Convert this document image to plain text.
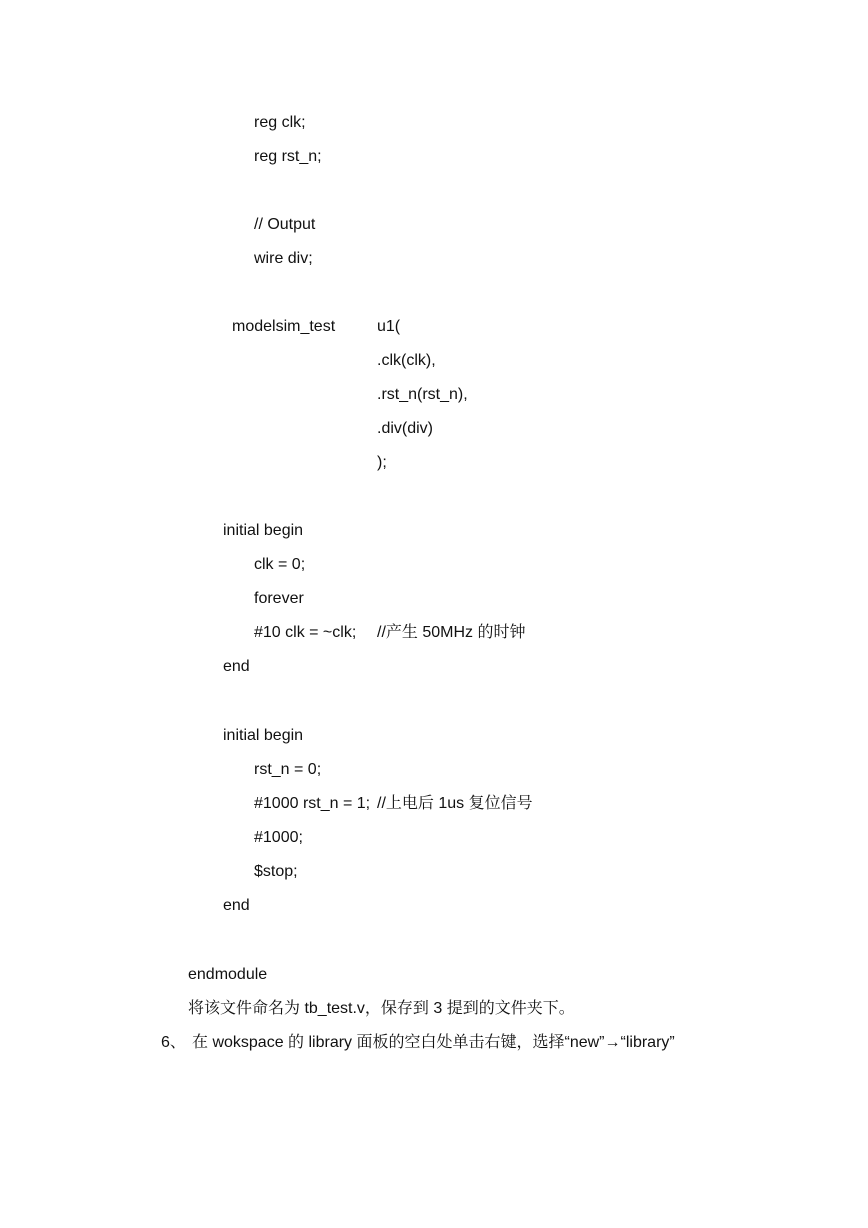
reg clk;
reg rst_n;
// Output
wire div;
modelsim_test	u1(
.clk(clk),
.rst_n(rst_n),
.div(div)
);
initial begin
clk = 0;
forever
#10 clk = ~clk; //产生 50MHz 的时钟
end
initial begin
rst_n = 0;
#1000 rst_n = 1; //上电后 1us 复位信号
#1000;
$stop;
end
endmodule
将该文件命名为 tb_test.v，保存到 3 提到的文件夹下。
6、 在 wokspace 的 library 面板的空白处单击右键，选择“new”→“library”
